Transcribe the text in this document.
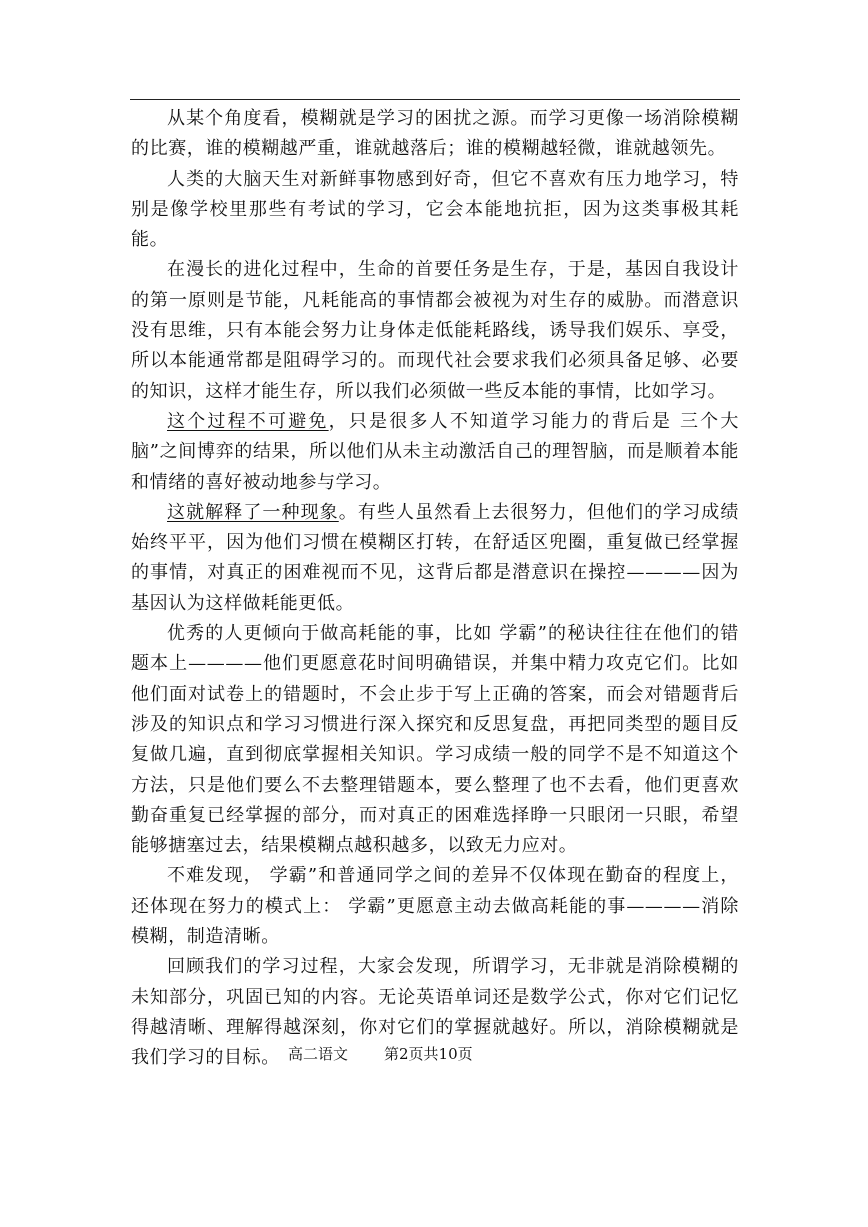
从某个角度看，模糊就是学习的困扰之源。而学习更像一场消除模糊的比赛，谁的模糊越严重，谁就越落后；谁的模糊越轻微，谁就越领先。

人类的大脑天生对新鲜事物感到好奇，但它不喜欢有压力地学习，特别是像学校里那些有考试的学习，它会本能地抗拒，因为这类事极其耗能。

在漫长的进化过程中，生命的首要任务是生存，于是，基因自我设计的第一原则是节能，凡耗能高的事情都会被视为对生存的威胁。而潜意识没有思维，只有本能会努力让身体走低能耗路线，诱导我们娱乐、享受，所以本能通常都是阻碍学习的。而现代社会要求我们必须具备足够、必要的知识，这样才能生存，所以我们必须做一些反本能的事情，比如学习。

这个过程不可避免，只是很多人不知道学习能力的背后是 三个大脑”之间博弈的结果，所以他们从未主动激活自己的理智脑，而是顺着本能和情绪的喜好被动地参与学习。

这就解释了一种现象。有些人虽然看上去很努力，但他们的学习成绩始终平平，因为他们习惯在模糊区打转，在舒适区兜圈，重复做已经掌握的事情，对真正的困难视而不见，这背后都是潜意识在操控————因为基因认为这样做耗能更低。

优秀的人更倾向于做高耗能的事，比如 学霸”的秘诀往往在他们的错题本上————他们更愿意花时间明确错误，并集中精力攻克它们。比如他们面对试卷上的错题时，不会止步于写上正确的答案，而会对错题背后涉及的知识点和学习习惯进行深入探究和反思复盘，再把同类型的题目反复做几遍，直到彻底掌握相关知识。学习成绩一般的同学不是不知道这个方法，只是他们要么不去整理错题本，要么整理了也不去看，他们更喜欢勤奋重复已经掌握的部分，而对真正的困难选择睁一只眼闭一只眼，希望能够搪塞过去，结果模糊点越积越多，以致无力应对。

不难发现， 学霸”和普通同学之间的差异不仅体现在勤奋的程度上，还体现在努力的模式上： 学霸”更愿意主动去做高耗能的事————消除模糊，制造清晰。

回顾我们的学习过程，大家会发现，所谓学习，无非就是消除模糊的未知部分，巩固已知的内容。无论英语单词还是数学公式，你对它们记忆得越清晰、理解得越深刻，你对它们的掌握就越好。所以，消除模糊就是我们学习的目标。 高二语文 第2页共10页
